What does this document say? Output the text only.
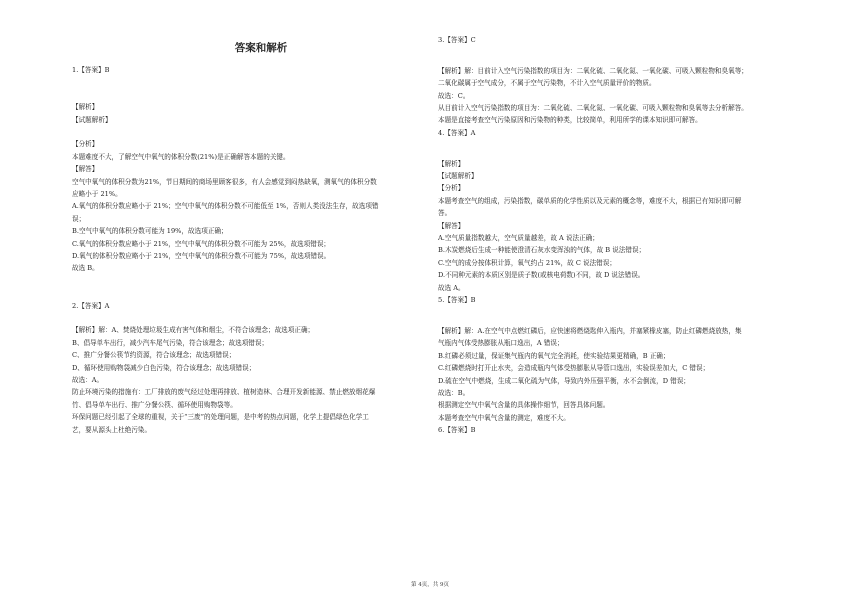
答案和解析

1.【答案】B

【解析】

【试题解析】

【分析】

本题难度不大，了解空气中氧气的体积分数(21%)是正确解答本题的关键。

【解答】

空气中氧气的体积分数为21%，节日期间的商场里顾客很多，有人会感觉到闷热缺氧，测氧气的体积分数

应略小于 21%。

A.氧气的体积分数应略小于 21%；空气中氧气的体积分数不可能低至 1%，否则人类没法生存，故选项错

误；

B.空气中氧气的体积分数可能为 19%，故选项正确；

C.氧气的体积分数应略小于 21%，空气中氧气的体积分数不可能为 25%，故选项错误；

D.氧气的体积分数应略小于 21%，空气中氧气的体积分数不可能为 75%，故选项错误。

故选 B。

2.【答案】A

【解析】解：A、焚烧处理垃圾生成有害气体和烟尘，不符合该理念；故选项正确；

B、倡导单车出行，减少汽车尾气污染，符合该理念；故选项错误；

C、推广分餐公筷节约资源，符合该理念；故选项错误；

D、循环使用购物袋减少白色污染，符合该理念；故选项错误；

故选：A。

防止环境污染的措施有：工厂排放的废气经过处理再排放、植树造林、合理开发新能源、禁止燃放烟花爆

竹、倡导单车出行、推广分餐公筷、循环使用购物袋等。

环保问题已经引起了全球的重视，关于“三废”的处理问题，是中考的热点问题，化学上提倡绿色化学工

艺，要从源头上杜绝污染。

3.【答案】C

【解析】解：目前计入空气污染指数的项目为：二氧化硫、二氧化氮、一氧化碳、可吸入颗粒物和臭氧等；

二氧化碳属于空气成分，不属于空气污染物，不计入空气质量评价的物质。

故选：C。

从目前计入空气污染指数的项目为：二氧化硫、二氧化氮、一氧化碳、可吸入颗粒物和臭氧等去分析解答。

本题是直接考查空气污染原因和污染物的种类，比较简单，利用所学的课本知识即可解答。

4.【答案】A

【解析】

【试题解析】

【分析】

本题考查空气的组成，污染指数，碳单质的化学性质以及元素的概念等，难度不大，根据已有知识即可解

答。

【解答】

A.空气质量指数越大，空气质量越差，故 A 说法正确；

B.木炭燃烧后生成一种能使澄清石灰水变浑浊的气体，故 B 说法错误；

C.空气的成分按体积计算，氧气约占 21%，故 C 说法错误；

D.不同种元素的本质区别是质子数(或核电荷数)不同，故 D 说法错误。

故选 A。

5.【答案】B

【解析】解：A.在空气中点燃红磷后，应快速将燃烧匙伸入瓶内，并塞紧橡皮塞，防止红磷燃烧放热，集

气瓶内气体受热膨胀从瓶口逸出，A 错误；

B.红磷必须过量，保证集气瓶内的氧气完全消耗，使实验结果更精确，B 正确；

C.红磷燃烧时打开止水夹，会造成瓶内气体受热膨胀从导管口逸出，实验误差加大，C 错误；

D.硫在空气中燃烧，生成二氧化硫为气体，导致内外压强平衡，水不会倒流，D 错误；

故选：B。

根据测定空气中氧气含量的具体操作细节，回答具体问题。

本题考查空气中氧气含量的测定，难度不大。

6.【答案】B

第 4页，共 9页
